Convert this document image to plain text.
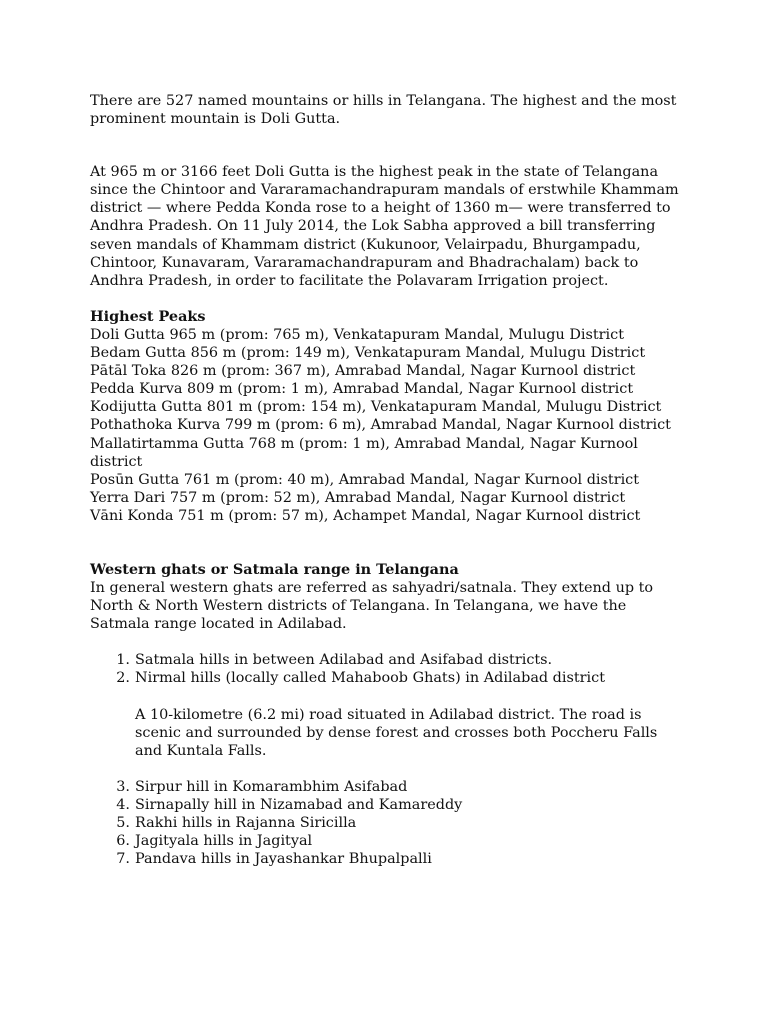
There are 527 named mountains or hills in Telangana. The highest and the most prominent mountain is Doli Gutta.

At 965 m or 3166 feet Doli Gutta is the highest peak in the state of Telangana since the Chintoor and Vararamachandrapuram mandals of erstwhile Khammam district — where Pedda Konda rose to a height of 1360 m— were transferred to Andhra Pradesh. On 11 July 2014, the Lok Sabha approved a bill transferring seven mandals of Khammam district (Kukunoor, Velairpadu, Bhurgampadu, Chintoor, Kunavaram, Vararamachandrapuram and Bhadrachalam) back to Andhra Pradesh, in order to facilitate the Polavaram Irrigation project.

Highest Peaks

Doli Gutta 965 m (prom: 765 m), Venkatapuram Mandal, Mulugu District

Bedam Gutta 856 m (prom: 149 m), Venkatapuram Mandal, Mulugu District

Pātāl Toka 826 m (prom: 367 m), Amrabad Mandal, Nagar Kurnool district

Pedda Kurva 809 m (prom: 1 m), Amrabad Mandal, Nagar Kurnool district

Kodijutta Gutta 801 m (prom: 154 m), Venkatapuram Mandal, Mulugu District

Pothathoka Kurva 799 m (prom: 6 m), Amrabad Mandal, Nagar Kurnool district

Mallatirtamma Gutta 768 m (prom: 1 m), Amrabad Mandal, Nagar Kurnool district

Posūn Gutta 761 m (prom: 40 m), Amrabad Mandal, Nagar Kurnool district

Yerra Dari 757 m (prom: 52 m), Amrabad Mandal, Nagar Kurnool district

Vāni Konda 751 m (prom: 57 m), Achampet Mandal, Nagar Kurnool district

Western ghats or Satmala range in Telangana

In general western ghats are referred as sahyadri/satnala. They extend up to North & North Western districts of Telangana. In Telangana, we have the Satmala range located in Adilabad.

1. Satmala hills in between Adilabad and Asifabad districts.
2. Nirmal hills (locally called Mahaboob Ghats) in Adilabad district
A 10-kilometre (6.2 mi) road situated in Adilabad district. The road is scenic and surrounded by dense forest and crosses both Poccheru Falls and Kuntala Falls.
3. Sirpur hill in Komarambhim Asifabad
4. Sirnapally hill in Nizamabad and Kamareddy
5. Rakhi hills in Rajanna Siricilla
6. Jagityala hills in Jagityal
7. Pandava hills in Jayashankar Bhupalpalli
